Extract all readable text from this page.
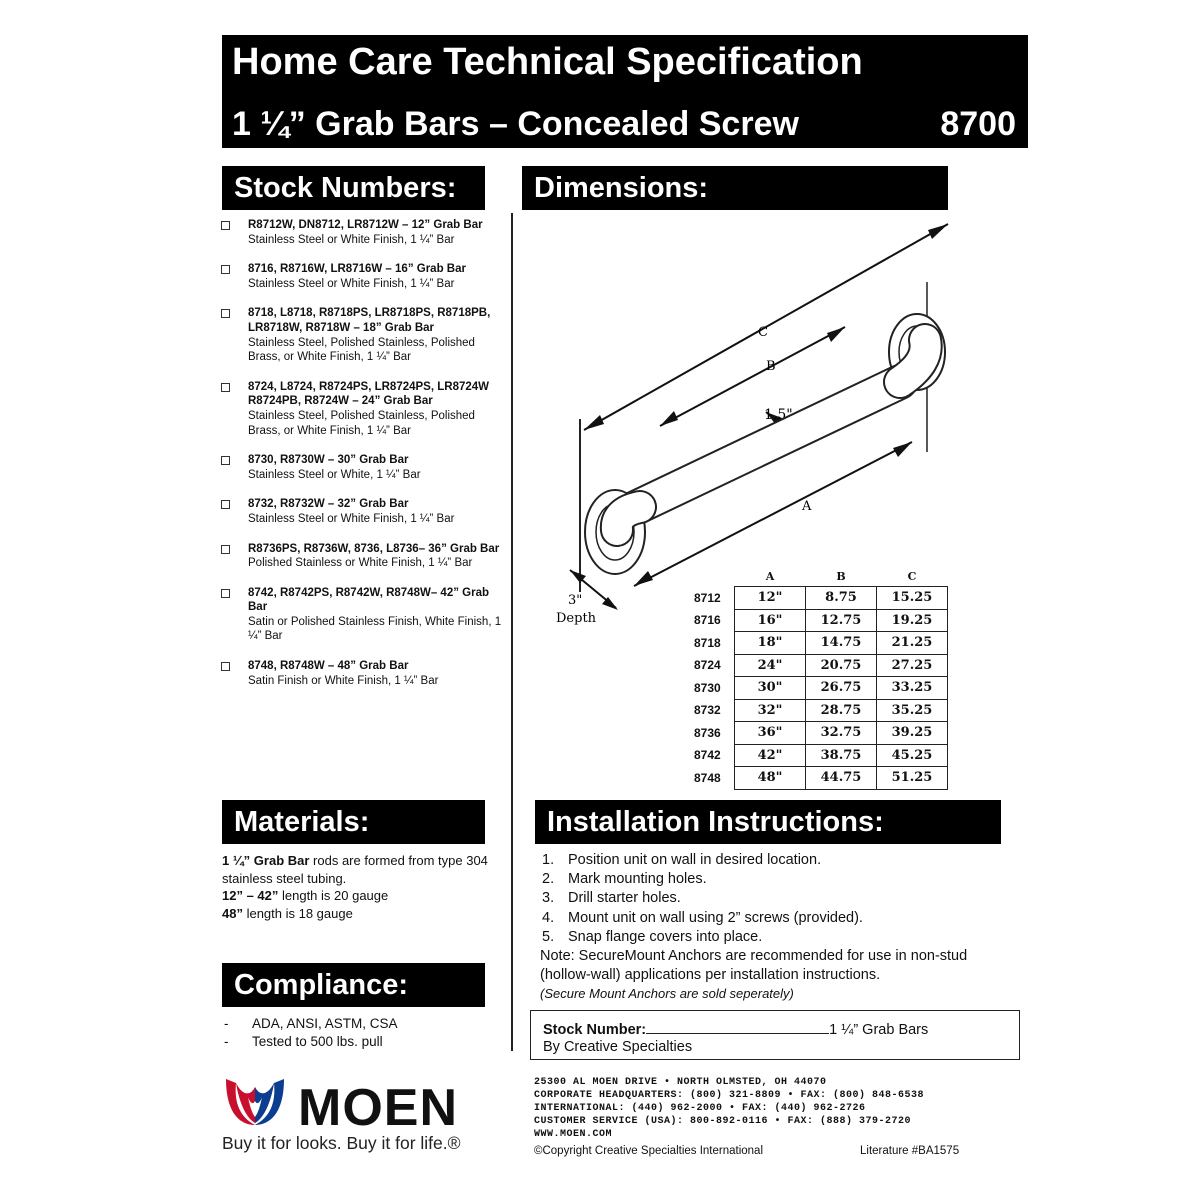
Home Care Technical Specification
1 ¼” Grab Bars – Concealed Screw	8700
Stock Numbers:
R8712W, DN8712, LR8712W – 12” Grab Bar
Stainless Steel or White Finish, 1 ¼” Bar
8716, R8716W, LR8716W – 16” Grab Bar
Stainless Steel or White Finish, 1 ¼” Bar
8718, L8718, R8718PS, LR8718PS, R8718PB, LR8718W, R8718W – 18” Grab Bar
Stainless Steel, Polished Stainless, Polished Brass, or White Finish, 1 ¼” Bar
8724, L8724, R8724PS, LR8724PS, LR8724W R8724PB, R8724W – 24” Grab Bar
Stainless Steel, Polished Stainless, Polished Brass, or White Finish, 1 ¼” Bar
8730, R8730W – 30” Grab Bar
Stainless Steel or White, 1 ¼” Bar
8732, R8732W – 32” Grab Bar
Stainless Steel or White Finish, 1 ¼” Bar
R8736PS, R8736W, 8736, L8736– 36” Grab Bar
Polished Stainless or White Finish, 1 ¼” Bar
8742, R8742PS, R8742W, R8748W– 42” Grab Bar
Satin or Polished Stainless Finish, White Finish, 1 ¼” Bar
8748, R8748W – 48” Grab Bar
Satin Finish or White Finish, 1 ¼” Bar
Dimensions:
C
B
1.5"
A
3"
Depth
	A	B	C
8712	12"	8.75	15.25
8716	16"	12.75	19.25
8718	18"	14.75	21.25
8724	24"	20.75	27.25
8730	30"	26.75	33.25
8732	32"	28.75	35.25
8736	36"	32.75	39.25
8742	42"	38.75	45.25
8748	48"	44.75	51.25
Materials:
1 ¼” Grab Bar rods are formed from type 304 stainless steel tubing.
12” – 42” length is 20 gauge
48” length is 18 gauge
Compliance:
- ADA, ANSI, ASTM, CSA
- Tested to 500 lbs. pull
Installation Instructions:
1. Position unit on wall in desired location.
2. Mark mounting holes.
3. Drill starter holes.
4. Mount unit on wall using 2” screws (provided).
5. Snap flange covers into place.
Note: SecureMount Anchors are recommended for use in non-stud (hollow-wall) applications per installation instructions.
(Secure Mount Anchors are sold seperately)
Stock Number:	1 ¼” Grab Bars
By Creative Specialties
MOEN
Buy it for looks. Buy it for life.®
25300 AL MOEN DRIVE • NORTH OLMSTED, OH 44070
CORPORATE HEADQUARTERS: (800) 321-8809 • FAX: (800) 848-6538
INTERNATIONAL: (440) 962-2000 • FAX: (440) 962-2726
CUSTOMER SERVICE (USA): 800-892-0116 • FAX: (888) 379-2720
WWW.MOEN.COM
©Copyright Creative Specialties International	Literature #BA1575
